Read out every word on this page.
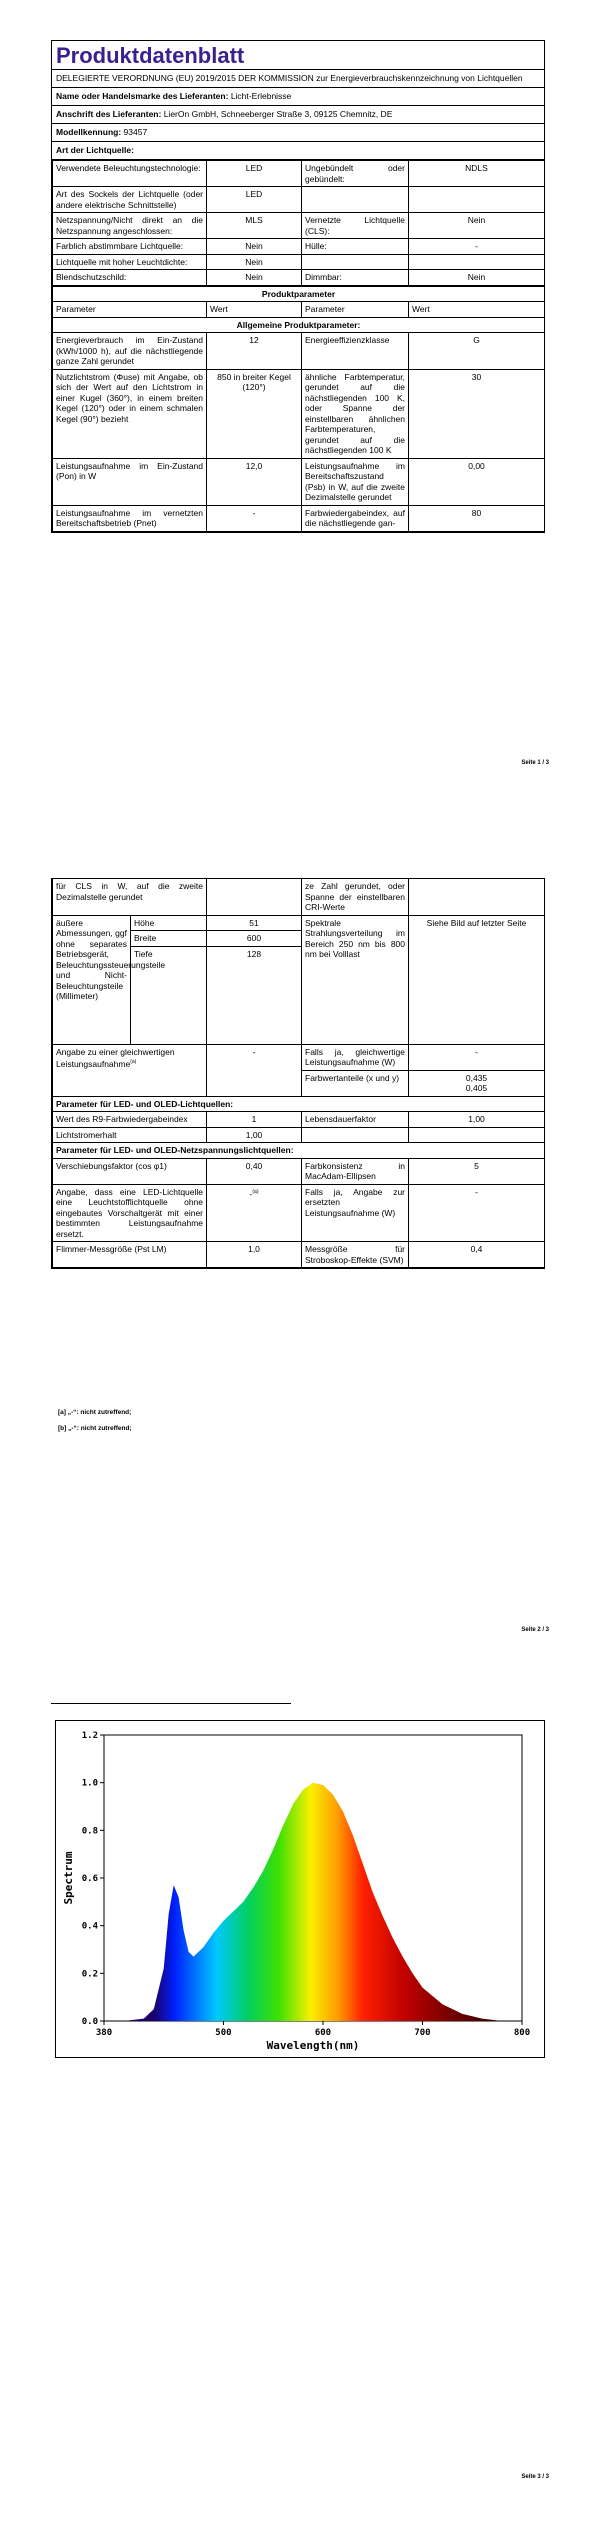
Produktdatenblatt
DELEGIERTE VERORDNUNG (EU) 2019/2015 DER KOMMISSION zur Energieverbrauchskennzeichnung von Lichtquellen
Name oder Handelsmarke des Lieferanten: Licht-Erlebnisse
Anschrift des Lieferanten: LierOn GmbH, Schneeberger Straße 3, 09125 Chemnitz, DE
Modellkennung: 93457
Art der Lichtquelle:
Verwendete Beleuchtungstechnologie:	LED	Ungebündelt oder gebündelt:	NDLS
Art des Sockels der Lichtquelle (oder andere elektrische Schnittstelle)	LED		
Netzspannung/Nicht direkt an die Netzspannung angeschlossen:	MLS	Vernetzte Lichtquelle (CLS):	Nein
Farblich abstimmbare Lichtquelle:	Nein	Hülle:	-
Lichtquelle mit hoher Leuchtdichte:	Nein		
Blendschutzschild:	Nein	Dimmbar:	Nein
Produktparameter			
Parameter	Wert	Parameter	Wert
Allgemeine Produktparameter:			
Energieverbrauch im Ein-Zustand (kWh/1000 h), auf die nächstliegende ganze Zahl gerundet	12	Energieeffizienzklasse	G
Nutzlichtstrom (Φuse) mit Angabe, ob sich der Wert auf den Lichtstrom in einer Kugel (360°), in einem breiten Kegel (120°) oder in einem schmalen Kegel (90°) bezieht	850 in breiter Kegel (120°)	ähnliche Farbtemperatur, gerundet auf die nächstliegenden 100 K, oder Spanne der einstellbaren ähnlichen Farbtemperaturen, gerundet auf die nächstliegenden 100 K	30
Leistungsaufnahme im Ein-Zustand (Pon) in W	12,0	Leistungsaufnahme im Bereitschaftszustand (Psb) in W, auf die zweite Dezimalstelle gerundet	0,00
Leistungsaufnahme im vernetzten Bereitschaftsbetrieb (Pnet)	-	Farbwiedergabeindex, auf die nächstliegende gan-	80
Seite 1 / 3
für CLS in W, auf die zweite Dezimalstelle gerundet			ze Zahl gerundet, oder Spanne der einstellbaren CRI-Werte	
äußere Abmessungen, ggf ohne separates Betriebsgerät, Beleuchtungssteuerungsteile und Nicht-Beleuchtungsteile (Millimeter)	Höhe	51	Spektrale Strahlungsverteilung im Bereich 250 nm bis 800 nm bei Volllast	Siehe Bild auf letzter Seite
	Breite	600		
	Tiefe	128		
Angabe zu einer gleichwertigen Leistungsaufnahme$^{(a)}$		-	Falls ja, gleichwertige Leistungsaufnahme (W)	-
			Farbwertanteile (x und y)	0,435
0,405

Parameter für LED- und OLED-Lichtquellen:				
Wert des R9-Farbwiedergabeindex		1	Lebensdauerfaktor	1,00
Lichtstromerhalt		1,00		
Parameter für LED- und OLED-Netzspannungslichtquellen:				
Verschiebungsfaktor (cos φ1)		0,40	Farbkonsistenz in MacAdam-Ellipsen	5
Angabe, dass eine LED-Lichtquelle eine Leuchtstofflichtquelle ohne eingebautes Vorschaltgerät mit einer bestimmten Leistungsaufnahme ersetzt.		-$^{(a)}$	Falls ja, Angabe zur ersetzten Leistungsaufnahme (W)	-
Flimmer-Messgröße (Pst LM)		1,0	Messgröße für Stroboskop-Effekte (SVM)	0,4
[a] „-“: nicht zutreffend;
[b] „-“: nicht zutreffend;
Seite 2 / 3
0.0
0.2
0.4
0.6
0.8
1.0
1.2
380	500	600	700	800
Wavelength(nm)
Spectrum
Seite 3 / 3
